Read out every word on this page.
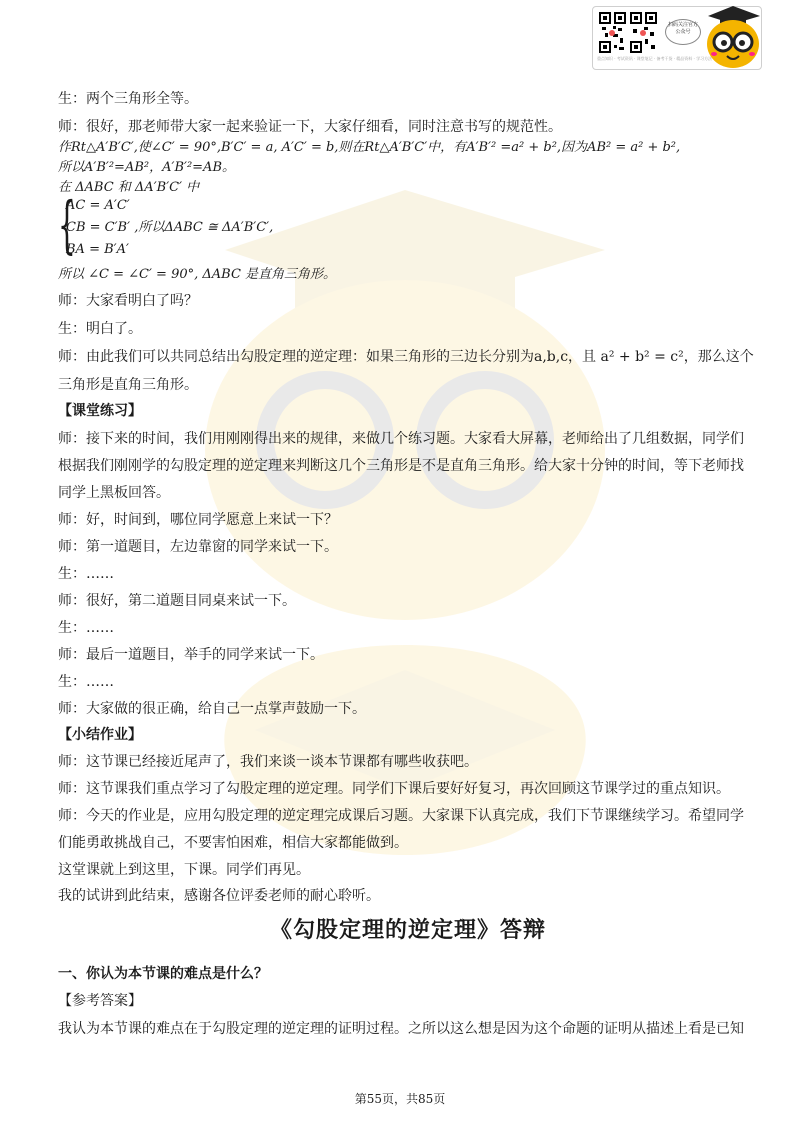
扫码关注官方公众号
重点知识 · 考试资讯 · 课堂笔记 · 备考干货 · 精品资料 · 学习方法

生：两个三角形全等。

师：很好，那老师带大家一起来验证一下，大家仔细看，同时注意书写的规范性。

作Rt△A′B′C′,使∠C′ = 90°,B′C′ = a, A′C′ = b,则在Rt△A′B′C′中，有A′B′² =a² + b²,因为AB² = a² + b²,

所以A′B′²=AB²，A′B′²=AB。

在 ΔABC 和 ΔA′B′C′ 中

{
AC = A′C′
CB = C′B′ ,所以ΔABC ≅ ΔA′B′C′,
BA = B′A′

所以 ∠C = ∠C′ = 90°, ΔABC 是直角三角形。

师：大家看明白了吗？

生：明白了。

师：由此我们可以共同总结出勾股定理的逆定理：如果三角形的三边长分别为a,b,c，且 a² + b² = c²，那么这个

三角形是直角三角形。

【课堂练习】

师：接下来的时间，我们用刚刚得出来的规律，来做几个练习题。大家看大屏幕，老师给出了几组数据，同学们

根据我们刚刚学的勾股定理的逆定理来判断这几个三角形是不是直角三角形。给大家十分钟的时间，等下老师找

同学上黑板回答。

师：好，时间到，哪位同学愿意上来试一下？

师：第一道题目，左边靠窗的同学来试一下。

生：……

师：很好，第二道题目同桌来试一下。

生：……

师：最后一道题目，举手的同学来试一下。

生：……

师：大家做的很正确，给自己一点掌声鼓励一下。

【小结作业】

师：这节课已经接近尾声了，我们来谈一谈本节课都有哪些收获吧。

师：这节课我们重点学习了勾股定理的逆定理。同学们下课后要好好复习，再次回顾这节课学过的重点知识。

师：今天的作业是，应用勾股定理的逆定理完成课后习题。大家课下认真完成，我们下节课继续学习。希望同学

们能勇敢挑战自己，不要害怕困难，相信大家都能做到。

这堂课就上到这里，下课。同学们再见。

我的试讲到此结束，感谢各位评委老师的耐心聆听。

《勾股定理的逆定理》答辩

一、你认为本节课的难点是什么？

【参考答案】

我认为本节课的难点在于勾股定理的逆定理的证明过程。之所以这么想是因为这个命题的证明从描述上看是已知

第55页，共85页
